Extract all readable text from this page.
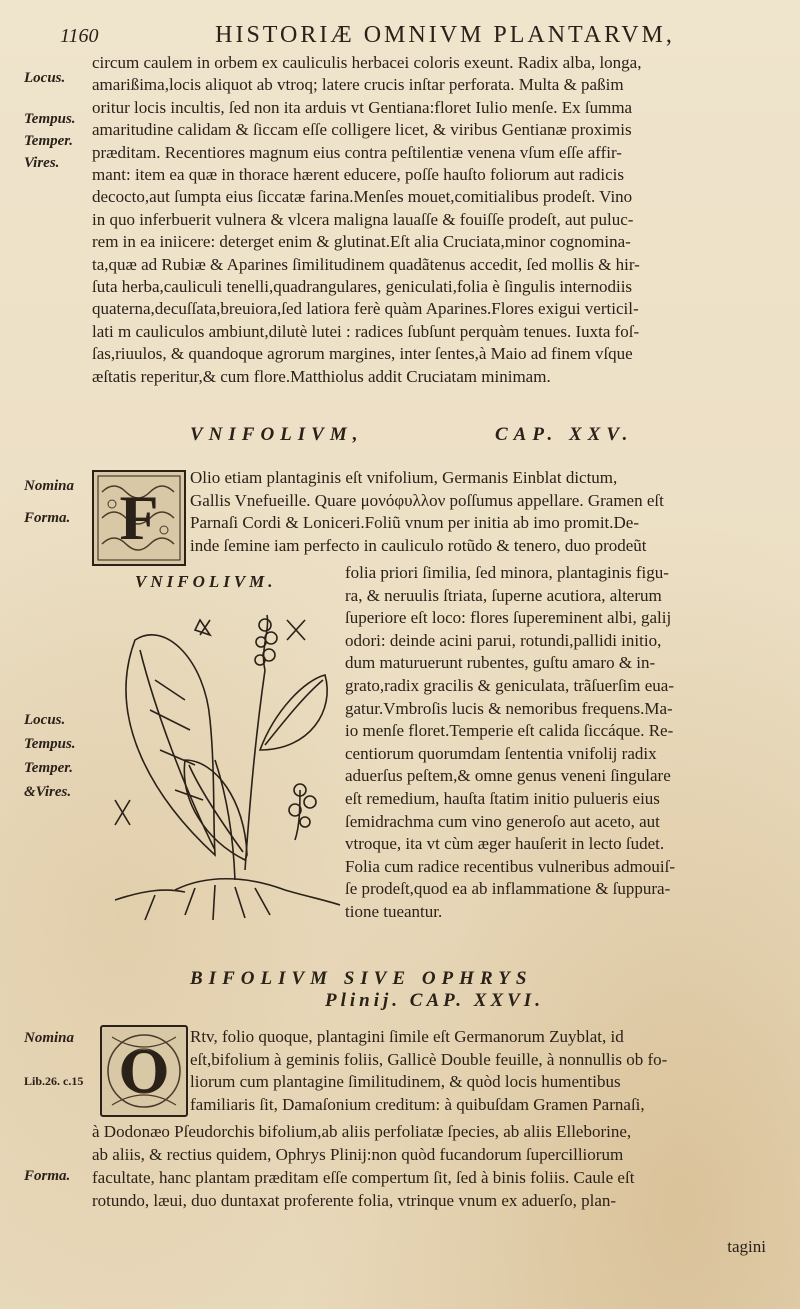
1160	HISTORIÆ OMNIVM PLANTARVM,
Locus.
Tempus.
Temper.
Vires.

circum caulem in orbem ex cauliculis herbacei coloris exeunt. Radix alba, longa,

amarißima,locis aliquot ab vtroq; latere crucis inſtar perforata. Multa & paßim

oritur locis incultis, ſed non ita arduis vt Gentiana:floret Iulio menſe. Ex ſumma

amaritudine calidam & ſiccam eſſe colligere licet, & viribus Gentianæ proximis

præditam. Recentiores magnum eius contra peſtilentiæ venena vſum eſſe affir-

mant: item ea quæ in thorace hærent educere, poſſe hauſto foliorum aut radicis

decocto,aut ſumpta eius ſiccatæ farina.Menſes mouet,comitialibus prodeſt. Vino

in quo inferbuerit vulnera & vlcera maligna lauaſſe & fouiſſe prodeſt, aut puluc-

rem in ea iniicere: deterget enim & glutinat.Eſt alia Cruciata,minor cognomina-

ta,quæ ad Rubiæ & Aparines ſimilitudinem quadãtenus accedit, ſed mollis & hir-

ſuta herba,cauliculi tenelli,quadrangulares, geniculati,folia è ſingulis internodiis

quaterna,decuſſata,breuiora,ſed latiora ferè quàm Aparines.Flores exigui verticil-

lati m cauliculos ambiunt,dilutè lutei : radices ſubſunt perquàm tenues. Iuxta foſ-

ſas,riuulos, & quandoque agrorum margines, inter ſentes,à Maio ad finem vſque

æſtatis reperitur,& cum flore.Matthiolus addit Cruciatam minimam.

VNIFOLIVM,	CAP. XXV.
Nomina
Forma.
Locus.
Tempus.
Temper.
&Vires.
F
Olio etiam plantaginis eſt vnifolium, Germanis Einblat dictum,
Gallis Vnefueille. Quare μονόφυλλον poſſumus appellare. Gramen eſt
Parnaſi Cordi & Loniceri.Foliũ vnum per initia ab imo promit.De-
inde ſemine iam perfecto in cauliculo rotũdo & tenero, duo prodeũt
VNIFOLIVM.	folia priori ſimilia, ſed minora, plantaginis figu-
ra, & neruulis ſtriata, ſuperne acutiora, alterum
ſuperiore eſt loco: flores ſupereminent albi, galij
odori: deinde acini parui, rotundi,pallidi initio,
dum maturuerunt rubentes, guſtu amaro & in-
grato,radix gracilis & geniculata, trãſuerſim eua-
gatur.Vmbroſis lucis & nemoribus frequens.Ma-
io menſe floret.Temperie eſt calida ſiccáque. Re-
centiorum quorumdam ſententia vnifolij radix
aduerſus peſtem,& omne genus veneni ſingulare
eſt remedium, hauſta ſtatim initio pulueris eius
ſemidrachma cum vino generoſo aut aceto, aut
vtroque, ita vt cùm æger hauſerit in lecto ſudet.
Folia cum radice recentibus vulneribus admouiſ-
ſe prodeſt,quod ea ab inflammatione & ſuppura-
tione tueantur.
BIFOLIVM SIVE OPHRYS
Plinij. CAP. XXVI.
Nomina
Lib.26. c.15
Forma.
O Rtv, folio quoque, plantagini ſimile eſt Germanorum Zuyblat, id
eſt,bifolium à geminis foliis, Gallicè Double feuille, à nonnullis ob fo-
liorum cum plantagine ſimilitudinem, & quòd locis humentibus
familiaris ſit, Damaſonium creditum: à quibuſdam Gramen Parnaſi,

à Dodonæo Pſeudorchis bifolium,ab aliis perfoliatæ ſpecies, ab aliis Elleborine,

ab aliis, & rectius quidem, Ophrys Plinij:non quòd fucandorum ſupercilliorum

facultate, hanc plantam præditam eſſe compertum ſit, ſed à binis foliis. Caule eſt

rotundo, læui, duo duntaxat proferente folia, vtrinque vnum ex aduerſo, plan-

tagini
